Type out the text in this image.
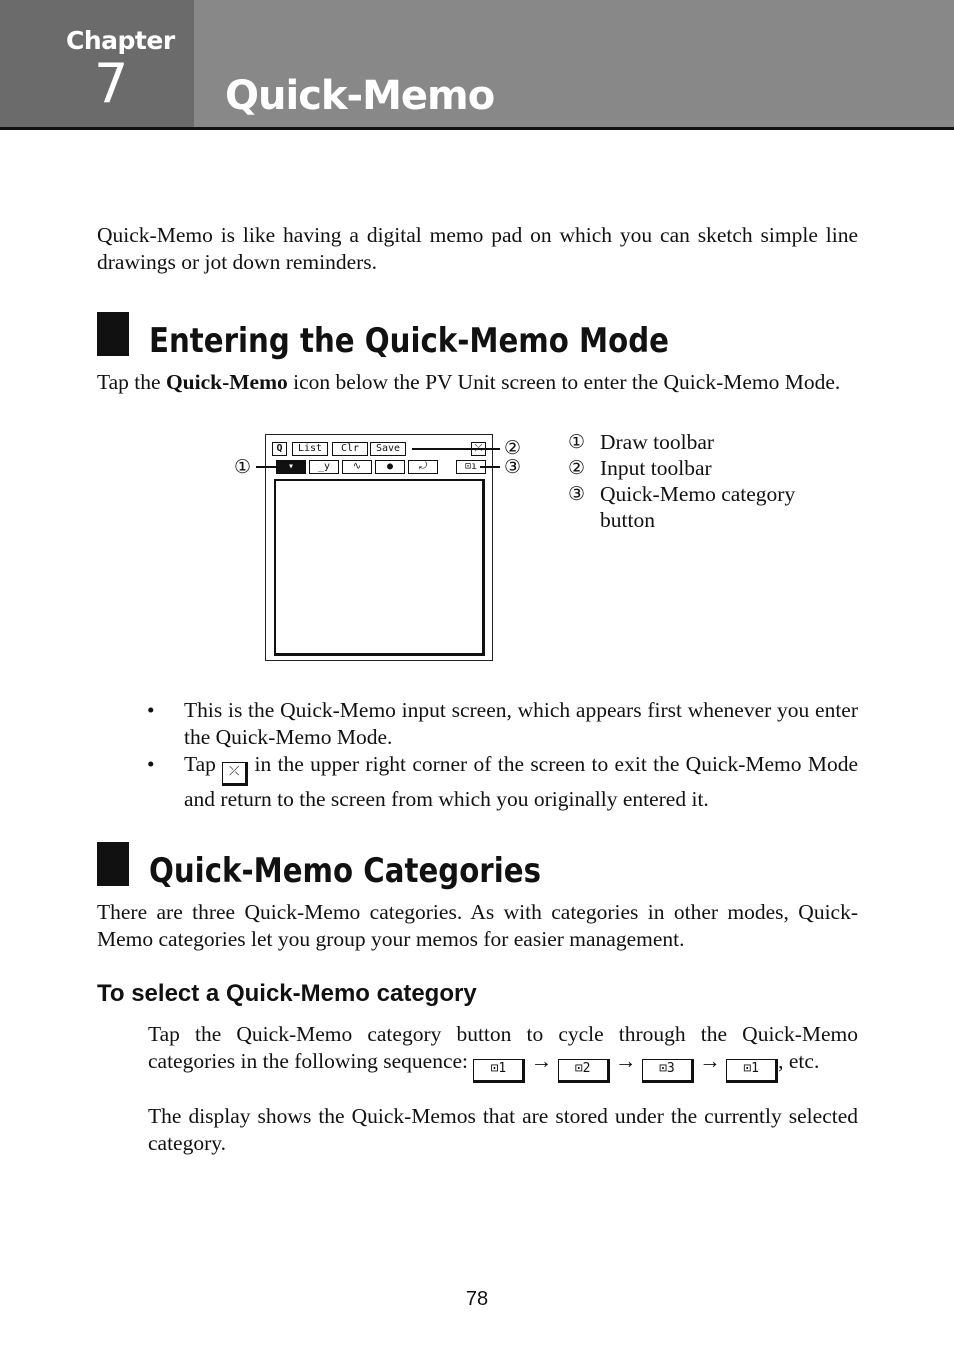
Chapter
7 Quick-Memo

Quick-Memo is like having a digital memo pad on which you can sketch simple line drawings or jot down reminders.

Entering the Quick-Memo Mode

Tap the Quick-Memo icon below the PV Unit screen to enter the Quick-Memo Mode.

Q	List	Clr	Save
▾	_y	∿	●	⤾	⊡ı
①
②
③
① Draw toolbar
② Input toolbar
③ Quick-Memo category button
• This is the Quick-Memo input screen, which appears first whenever you enter the Quick-Memo Mode.
• Tap ⤫ in the upper right corner of the screen to exit the Quick-Memo Mode and return to the screen from which you originally entered it.
Quick-Memo Categories

There are three Quick-Memo categories. As with categories in other modes, Quick-Memo categories let you group your memos for easier management.

To select a Quick-Memo category

Tap the Quick-Memo category button to cycle through the Quick-Memo categories in the following sequence: ⊡1 → ⊡2 → ⊡3 → ⊡1 , etc.

The display shows the Quick-Memos that are stored under the currently selected category.

78
